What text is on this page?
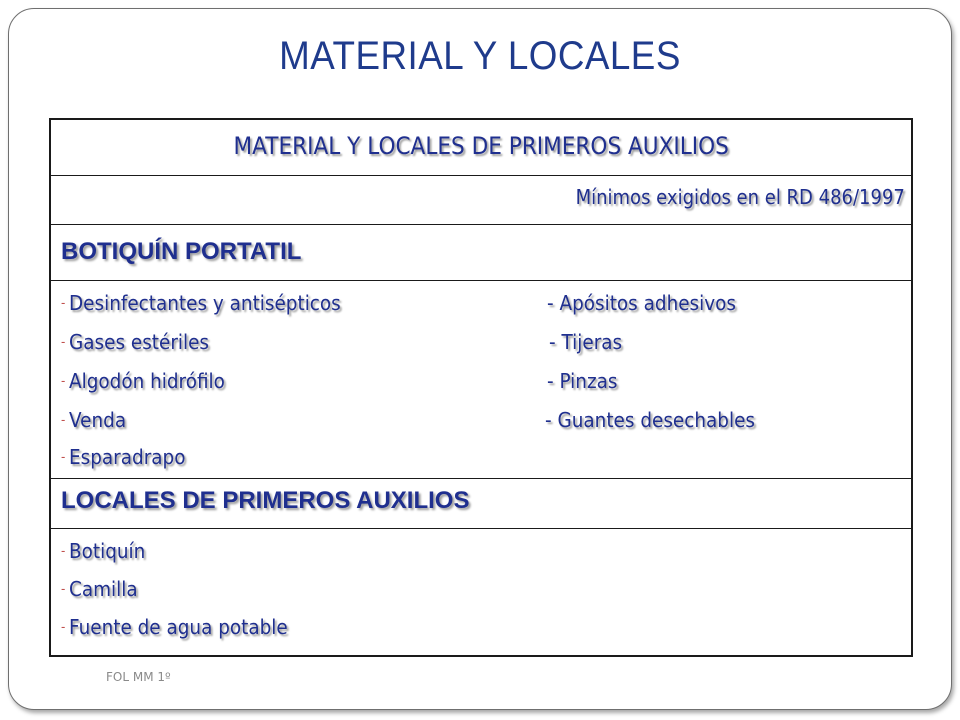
MATERIAL Y LOCALES
MATERIAL Y LOCALES DE PRIMEROS AUXILIOS
Mínimos exigidos en el RD 486/1997
BOTIQUÍN PORTATIL
- Desinfectantes y antisépticos
- Gases estériles
- Algodón hidrófilo
- Venda
- Esparadrapo
- Apósitos adhesivos
- Tijeras
- Pinzas
- Guantes desechables
LOCALES DE PRIMEROS AUXILIOS
- Botiquín
- Camilla
- Fuente de agua potable
FOL MM 1º
